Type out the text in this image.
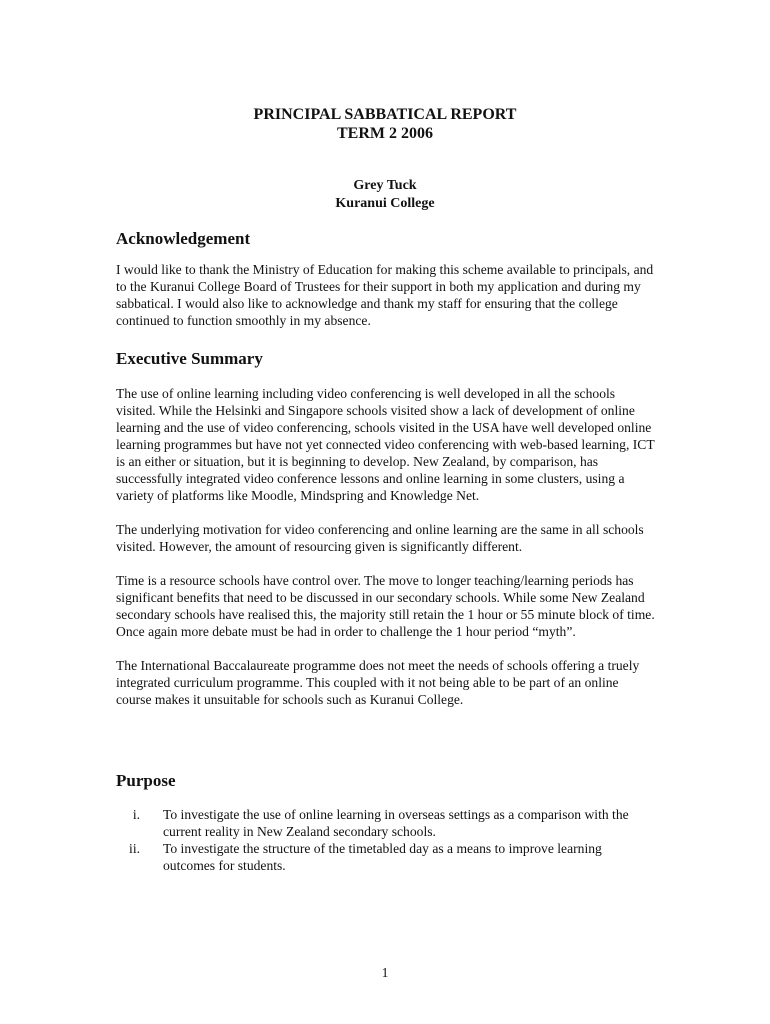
PRINCIPAL SABBATICAL REPORT
TERM 2 2006
Grey Tuck
Kuranui College
Acknowledgement

I would like to thank the Ministry of Education for making this scheme available to principals, and to the Kuranui College Board of Trustees for their support in both my application and during my sabbatical. I would also like to acknowledge and thank my staff for ensuring that the college continued to function smoothly in my absence.

Executive Summary

The use of online learning including video conferencing is well developed in all the schools visited. While the Helsinki and Singapore schools visited show a lack of development of online learning and the use of video conferencing, schools visited in the USA have well developed online learning programmes but have not yet connected video conferencing with web-based learning, ICT is an either or situation, but it is beginning to develop. New Zealand, by comparison, has successfully integrated video conference lessons and online learning in some clusters, using a variety of platforms like Moodle, Mindspring and Knowledge Net.

The underlying motivation for video conferencing and online learning are the same in all schools visited. However, the amount of resourcing given is significantly different.

Time is a resource schools have control over. The move to longer teaching/learning periods has significant benefits that need to be discussed in our secondary schools. While some New Zealand secondary schools have realised this, the majority still retain the 1 hour or 55 minute block of time. Once again more debate must be had in order to challenge the 1 hour period “myth”.

The International Baccalaureate programme does not meet the needs of schools offering a truely integrated curriculum programme. This coupled with it not being able to be part of an online course makes it unsuitable for schools such as Kuranui College.

Purpose
i. To investigate the use of online learning in overseas settings as a comparison with the current reality in New Zealand secondary schools.
ii. To investigate the structure of the timetabled day as a means to improve learning outcomes for students.
1
